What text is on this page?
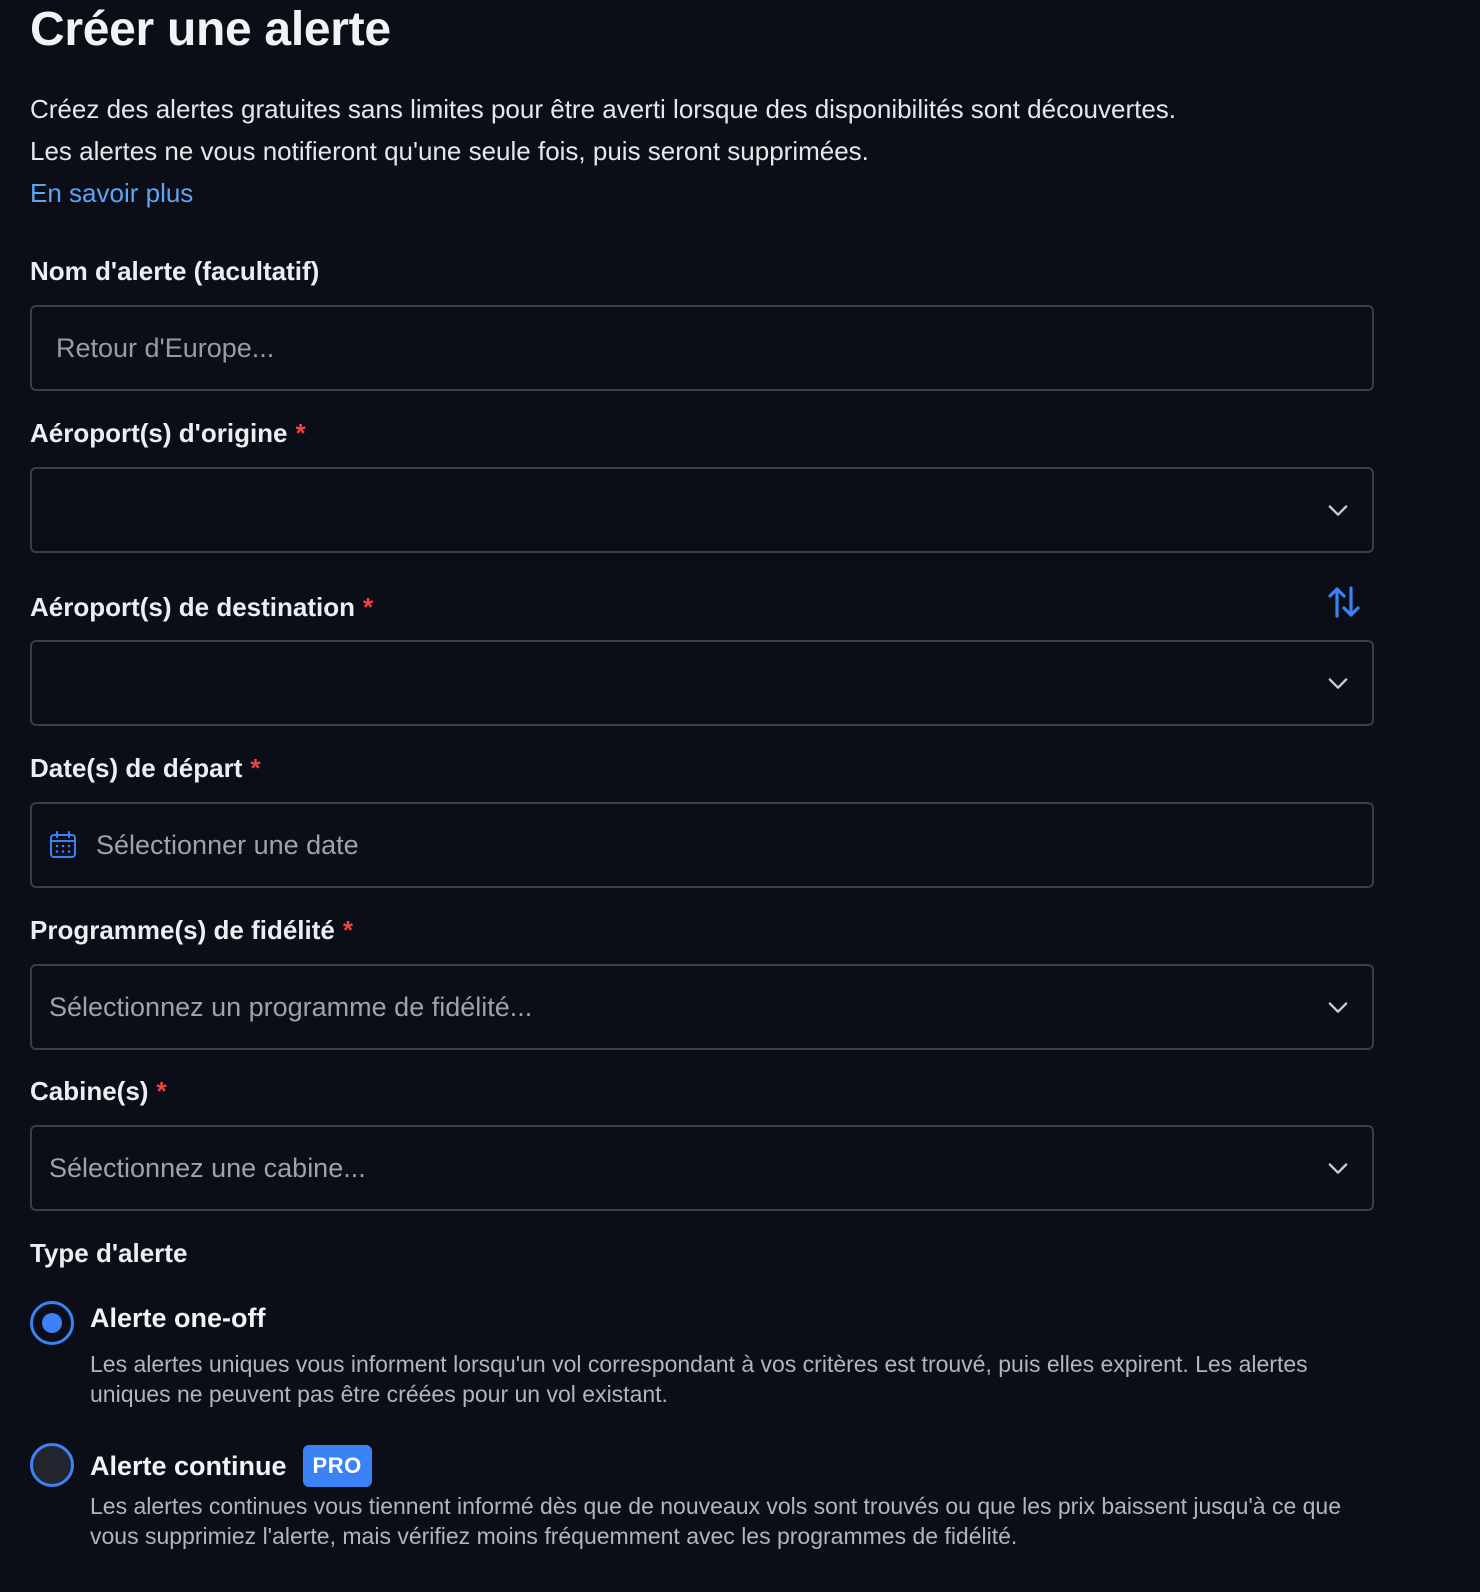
Créer une alerte

Créez des alertes gratuites sans limites pour être averti lorsque des disponibilités sont découvertes.

Les alertes ne vous notifieront qu'une seule fois, puis seront supprimées.

En savoir plus
Nom d'alerte (facultatif)
Retour d'Europe...
Aéroport(s) d'origine *
Aéroport(s) de destination *
Date(s) de départ *
Sélectionner une date
Programme(s) de fidélité *
Sélectionnez un programme de fidélité...
Cabine(s) *
Sélectionnez une cabine...
Type d'alerte
Alerte one-off
Les alertes uniques vous informent lorsqu'un vol correspondant à vos critères est trouvé, puis elles expirent. Les alertes uniques ne peuvent pas être créées pour un vol existant.
Alerte continue	PRO
Les alertes continues vous tiennent informé dès que de nouveaux vols sont trouvés ou que les prix baissent jusqu'à ce que vous supprimiez l'alerte, mais vérifiez moins fréquemment avec les programmes de fidélité.
